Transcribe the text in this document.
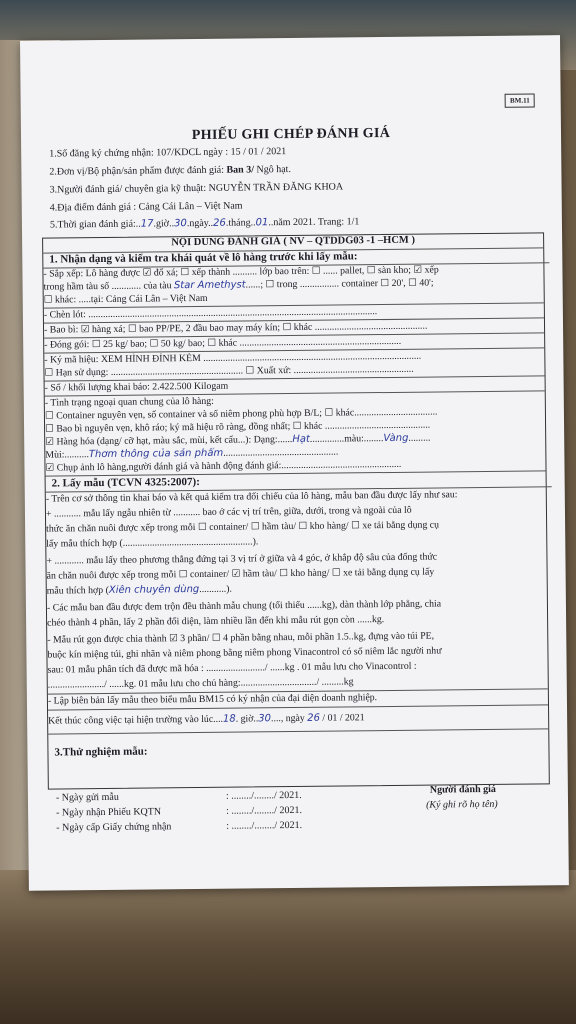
BM.11
PHIẾU GHI CHÉP ĐÁNH GIÁ
1.Số đăng ký chứng nhận: 107/KDCL ngày : 15 / 01 / 2021
2.Đơn vị/Bộ phận/sản phẩm được đánh giá: Ban 3/ Ngô hạt.
3.Người đánh giá/ chuyên gia kỹ thuật: NGUYỄN TRẦN ĐĂNG KHOA
4.Địa điểm đánh giá : Cảng Cái Lân – Việt Nam
5.Thời gian đánh giá:..17.giờ..30.ngày..26.tháng..01..năm 2021. Trang: 1/1
NỘI DUNG ĐÁNH GIÁ ( NV – QTDDG03 -1 –HCM )
1. Nhận dạng và kiểm tra khái quát về lô hàng trước khi lấy mẫu:
- Sắp xếp: Lô hàng được ☑ đổ xá; ☐ xếp thành .......... lớp bao trên: ☐ ...... pallet, ☐ sàn kho; ☑ xếp
trong hầm tàu số ............ của tàu Star Amethyst......; ☐ trong ................ container ☐ 20', ☐ 40';
☐ khác: .....tại: Cảng Cái Lân – Việt Nam
- Chèn lót: ......................................................................................................................
- Bao bì: ☑ hàng xá; ☐ bao PP/PE, 2 đầu bao may máy kín; ☐ khác ..............................................
- Đóng gói: ☐ 25 kg/ bao; ☐ 50 kg/ bao; ☐ khác ..................................................................
- Ký mã hiệu: XEM HÌNH ĐÍNH KÈM .........................................................................................
☐ Hạn sử dụng: ...................................................... ☐ Xuất xứ: .................................................
- Số / khối lượng khai báo: 2.422.500 Kilogam
- Tình trạng ngoại quan chung của lô hàng:
☐ Container nguyên vẹn, số container và số niêm phong phù hợp B/L; ☐ khác..................................
☐ Bao bì nguyên vẹn, khô ráo; ký mã hiệu rõ ràng, đồng nhất; ☐ khác ...........................................
☑ Hàng hóa (dạng/ cỡ hạt, màu sắc, mùi, kết cấu...): Dạng:......Hạt..............màu:........Vàng.........
Mùi:..........Thơm thông của sản phẩm...............................................
☑ Chụp ảnh lô hàng,người đánh giá và hành động đánh giá:.................................................
2. Lấy mẫu (TCVN 4325:2007):
- Trên cơ sở thông tin khai báo và kết quả kiểm tra đối chiếu của lô hàng, mẫu ban đầu được lấy như sau:
+ ........... mẫu lấy ngẫu nhiên từ ........... bao ở các vị trí trên, giữa, dưới, trong và ngoài của lô
thức ăn chăn nuôi được xếp trong mỗi ☐ container/ ☐ hầm tàu/ ☐ kho hàng/ ☐ xe tải bằng dụng cụ
lấy mẫu thích hợp (.....................................................).
+ ............ mẫu lấy theo phương thẳng đứng tại 3 vị trí ở giữa và 4 góc, ở khắp độ sâu của đống thức
ăn chăn nuôi được xếp trong mỗi ☐ container/ ☑ hầm tàu/ ☐ kho hàng/ ☐ xe tải bằng dụng cụ lấy
mẫu thích hợp (Xiên chuyên dùng...........).
- Các mẫu ban đầu được đem trộn đều thành mẫu chung (tối thiểu ......kg), dàn thành lớp phẳng, chia
chéo thành 4 phần, lấy 2 phần đối diện, làm nhiều lần đến khi mẫu rút gọn còn ......kg.
- Mẫu rút gọn được chia thành ☑ 3 phần/ ☐ 4 phần bằng nhau, mỗi phần 1.5..kg, đựng vào túi PE,
buộc kín miệng túi, ghi nhãn và niêm phong bằng niêm phong Vinacontrol có số niêm lắc người như
sau: 01 mẫu phân tích đã được mã hóa : ......................../ ......kg . 01 mẫu lưu cho Vinacontrol :
......................./ ......kg. 01 mẫu lưu cho chủ hàng:.............................../ .........kg
- Lập biên bản lấy mẫu theo biểu mẫu BM15 có ký nhận của đại diện doanh nghiệp.
Kết thúc công việc tại hiện trường vào lúc....18. giờ..30...., ngày 26 / 01 / 2021
3.Thử nghiệm mẫu:
- Ngày gửi mẫu
- Ngày nhận Phiếu KQTN
- Ngày cấp Giấy chứng nhận
: ......../......../ 2021.
: ......../......../ 2021.
: ......../......../ 2021.
Người đánh giá
(Ký ghi rõ họ tên)
